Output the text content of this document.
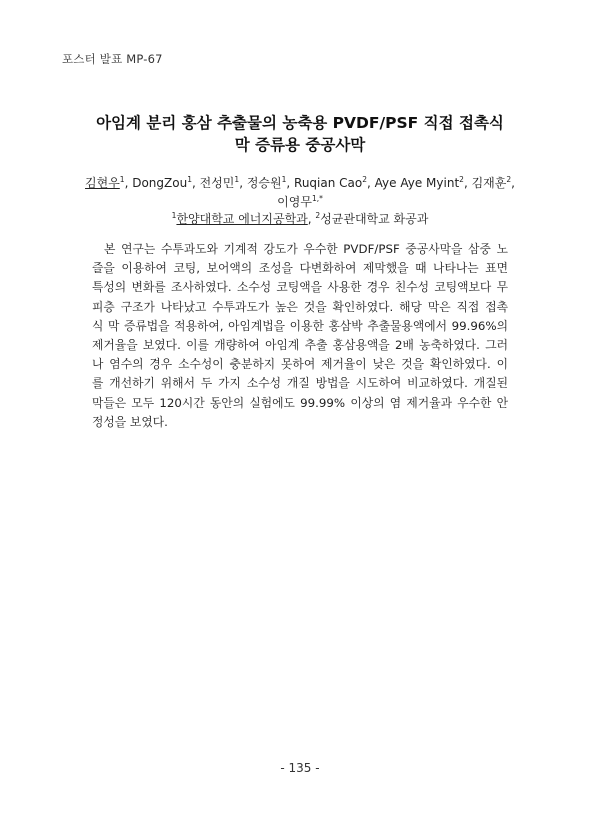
포스터 발표 MP-67
아임계 분리 홍삼 추출물의 농축용 PVDF/PSF 직접 접촉식
막 증류용 중공사막
김현우$^1$, DongZou$^1$, 전성민$^1$, 정승원$^1$, Ruqian Cao$^2$, Aye Aye Myint$^2$, 김재훈$^2$,
이영무$^{1,*}$
$^1$한양대학교 에너지공학과, $^2$성균관대학교 화공과
본 연구는 수투과도와 기계적 강도가 우수한 PVDF/PSF 중공사막을 삼중 노
즐을 이용하여 코팅, 보어액의 조성을 다변화하여 제막했을 때 나타나는 표면
특성의 변화를 조사하였다. 소수성 코팅액을 사용한 경우 친수성 코팅액보다 무
피층 구조가 나타났고 수투과도가 높은 것을 확인하였다. 해당 막은 직접 접촉
식 막 증류법을 적용하여, 아임계법을 이용한 홍삼박 추출물용액에서 99.96%의
제거율을 보였다. 이를 개량하여 아임계 추출 홍삼용액을 2배 농축하였다. 그러
나 염수의 경우 소수성이 충분하지 못하여 제거율이 낮은 것을 확인하였다. 이
를 개선하기 위해서 두 가지 소수성 개질 방법을 시도하여 비교하였다. 개질된
막들은 모두 120시간 동안의 실험에도 99.99% 이상의 염 제거율과 우수한 안
정성을 보였다.
- 135 -
